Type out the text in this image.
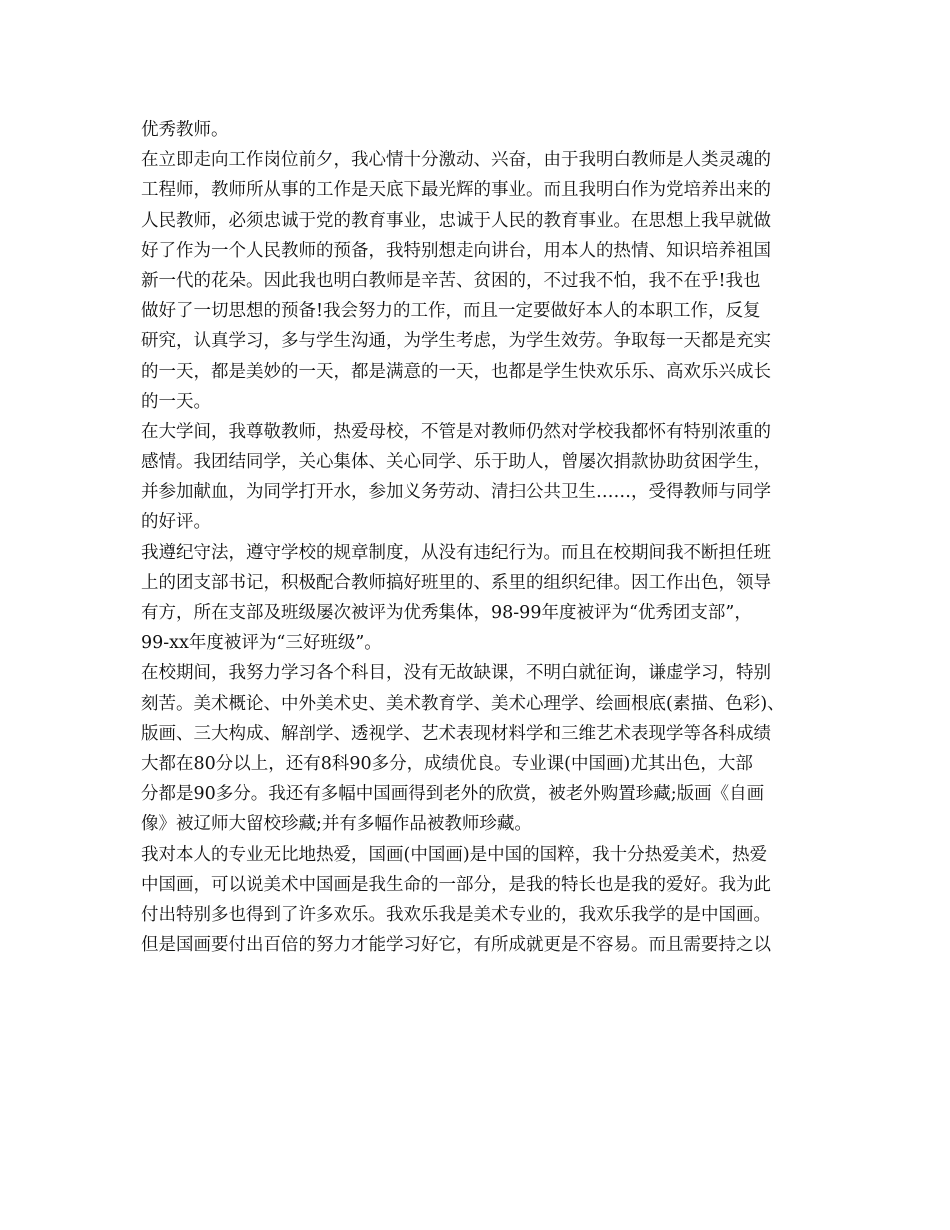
优秀教师。
在立即走向工作岗位前夕，我心情十分激动、兴奋，由于我明白教师是人类灵魂的
工程师，教师所从事的工作是天底下最光辉的事业。而且我明白作为党培养出来的
人民教师，必须忠诚于党的教育事业，忠诚于人民的教育事业。在思想上我早就做
好了作为一个人民教师的预备，我特别想走向讲台，用本人的热情、知识培养祖国
新一代的花朵。因此我也明白教师是辛苦、贫困的，不过我不怕，我不在乎!我也
做好了一切思想的预备!我会努力的工作，而且一定要做好本人的本职工作，反复
研究，认真学习，多与学生沟通，为学生考虑，为学生效劳。争取每一天都是充实
的一天，都是美妙的一天，都是满意的一天，也都是学生快欢乐乐、高欢乐兴成长
的一天。
在大学间，我尊敬教师，热爱母校，不管是对教师仍然对学校我都怀有特别浓重的
感情。我团结同学，关心集体、关心同学、乐于助人，曾屡次捐款协助贫困学生，
并参加献血，为同学打开水，参加义务劳动、清扫公共卫生……，受得教师与同学
的好评。
我遵纪守法，遵守学校的规章制度，从没有违纪行为。而且在校期间我不断担任班
上的团支部书记，积极配合教师搞好班里的、系里的组织纪律。因工作出色，领导
有方，所在支部及班级屡次被评为优秀集体，98-99年度被评为“优秀团支部”，
99-xx年度被评为“三好班级”。
在校期间，我努力学习各个科目，没有无故缺课，不明白就征询，谦虚学习，特别
刻苦。美术概论、中外美术史、美术教育学、美术心理学、绘画根底(素描、色彩)、
版画、三大构成、解剖学、透视学、艺术表现材料学和三维艺术表现学等各科成绩
大都在80分以上，还有8科90多分，成绩优良。专业课(中国画)尤其出色，大部
分都是90多分。我还有多幅中国画得到老外的欣赏，被老外购置珍藏;版画《自画
像》被辽师大留校珍藏;并有多幅作品被教师珍藏。
我对本人的专业无比地热爱，国画(中国画)是中国的国粹，我十分热爱美术，热爱
中国画，可以说美术中国画是我生命的一部分，是我的特长也是我的爱好。我为此
付出特别多也得到了许多欢乐。我欢乐我是美术专业的，我欢乐我学的是中国画。
但是国画要付出百倍的努力才能学习好它，有所成就更是不容易。而且需要持之以
